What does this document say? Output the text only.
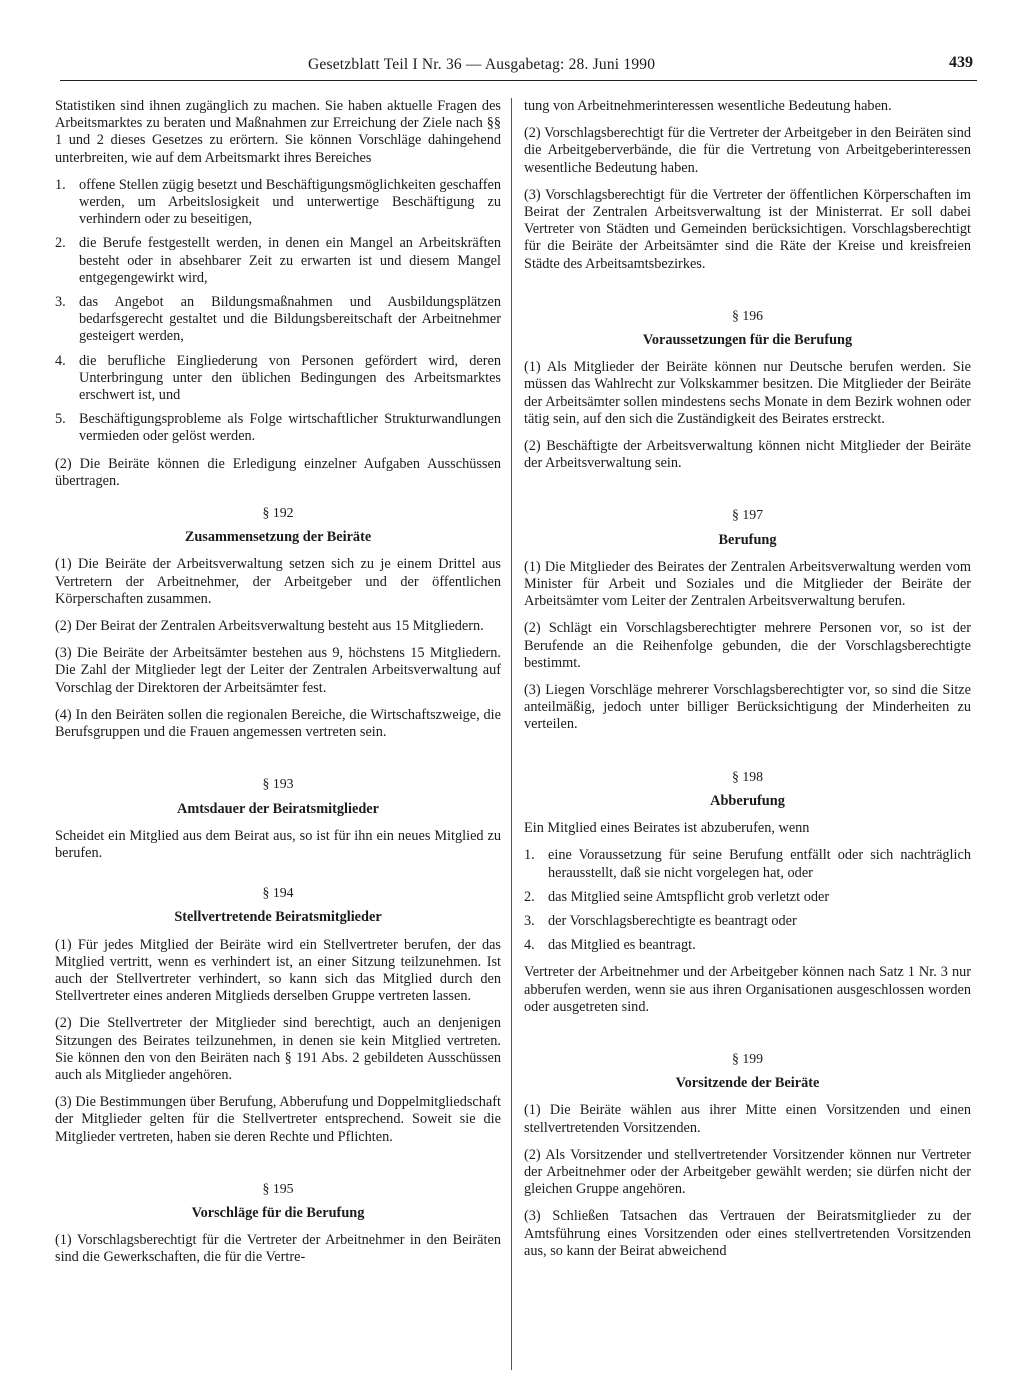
Gesetzblatt Teil I Nr. 36 — Ausgabetag: 28. Juni 1990	439

Statistiken sind ihnen zugänglich zu machen. Sie haben aktuelle Fragen des Arbeitsmarktes zu beraten und Maßnahmen zur Erreichung der Ziele nach §§ 1 und 2 dieses Gesetzes zu erörtern. Sie können Vorschläge dahingehend unterbreiten, wie auf dem Arbeitsmarkt ihres Bereiches

1. offene Stellen zügig besetzt und Beschäftigungsmöglichkeiten geschaffen werden, um Arbeitslosigkeit und unterwertige Beschäftigung zu verhindern oder zu beseitigen,
2. die Berufe festgestellt werden, in denen ein Mangel an Arbeitskräften besteht oder in absehbarer Zeit zu erwarten ist und diesem Mangel entgegengewirkt wird,
3. das Angebot an Bildungsmaßnahmen und Ausbildungsplätzen bedarfsgerecht gestaltet und die Bildungsbereitschaft der Arbeitnehmer gesteigert werden,
4. die berufliche Eingliederung von Personen gefördert wird, deren Unterbringung unter den üblichen Bedingungen des Arbeitsmarktes erschwert ist, und
5. Beschäftigungsprobleme als Folge wirtschaftlicher Strukturwandlungen vermieden oder gelöst werden.

(2) Die Beiräte können die Erledigung einzelner Aufgaben Ausschüssen übertragen.

§ 192
Zusammensetzung der Beiräte

(1) Die Beiräte der Arbeitsverwaltung setzen sich zu je einem Drittel aus Vertretern der Arbeitnehmer, der Arbeitgeber und der öffentlichen Körperschaften zusammen.

(2) Der Beirat der Zentralen Arbeitsverwaltung besteht aus 15 Mitgliedern.

(3) Die Beiräte der Arbeitsämter bestehen aus 9, höchstens 15 Mitgliedern. Die Zahl der Mitglieder legt der Leiter der Zentralen Arbeitsverwaltung auf Vorschlag der Direktoren der Arbeitsämter fest.

(4) In den Beiräten sollen die regionalen Bereiche, die Wirtschaftszweige, die Berufsgruppen und die Frauen angemessen vertreten sein.

§ 193
Amtsdauer der Beiratsmitglieder

Scheidet ein Mitglied aus dem Beirat aus, so ist für ihn ein neues Mitglied zu berufen.

§ 194
Stellvertretende Beiratsmitglieder

(1) Für jedes Mitglied der Beiräte wird ein Stellvertreter berufen, der das Mitglied vertritt, wenn es verhindert ist, an einer Sitzung teilzunehmen. Ist auch der Stellvertreter verhindert, so kann sich das Mitglied durch den Stellvertreter eines anderen Mitglieds derselben Gruppe vertreten lassen.

(2) Die Stellvertreter der Mitglieder sind berechtigt, auch an denjenigen Sitzungen des Beirates teilzunehmen, in denen sie kein Mitglied vertreten. Sie können den von den Beiräten nach § 191 Abs. 2 gebildeten Ausschüssen auch als Mitglieder angehören.

(3) Die Bestimmungen über Berufung, Abberufung und Doppelmitgliedschaft der Mitglieder gelten für die Stellvertreter entsprechend. Soweit sie die Mitglieder vertreten, haben sie deren Rechte und Pflichten.

§ 195
Vorschläge für die Berufung

(1) Vorschlagsberechtigt für die Vertreter der Arbeitnehmer in den Beiräten sind die Gewerkschaften, die für die Vertre-

tung von Arbeitnehmerinteressen wesentliche Bedeutung haben.

(2) Vorschlagsberechtigt für die Vertreter der Arbeitgeber in den Beiräten sind die Arbeitgeberverbände, die für die Vertretung von Arbeitgeberinteressen wesentliche Bedeutung haben.

(3) Vorschlagsberechtigt für die Vertreter der öffentlichen Körperschaften im Beirat der Zentralen Arbeitsverwaltung ist der Ministerrat. Er soll dabei Vertreter von Städten und Gemeinden berücksichtigen. Vorschlagsberechtigt für die Beiräte der Arbeitsämter sind die Räte der Kreise und kreisfreien Städte des Arbeitsamtsbezirkes.

§ 196
Voraussetzungen für die Berufung

(1) Als Mitglieder der Beiräte können nur Deutsche berufen werden. Sie müssen das Wahlrecht zur Volkskammer besitzen. Die Mitglieder der Beiräte der Arbeitsämter sollen mindestens sechs Monate in dem Bezirk wohnen oder tätig sein, auf den sich die Zuständigkeit des Beirates erstreckt.

(2) Beschäftigte der Arbeitsverwaltung können nicht Mitglieder der Beiräte der Arbeitsverwaltung sein.

§ 197
Berufung

(1) Die Mitglieder des Beirates der Zentralen Arbeitsverwaltung werden vom Minister für Arbeit und Soziales und die Mitglieder der Beiräte der Arbeitsämter vom Leiter der Zentralen Arbeitsverwaltung berufen.

(2) Schlägt ein Vorschlagsberechtigter mehrere Personen vor, so ist der Berufende an die Reihenfolge gebunden, die der Vorschlagsberechtigte bestimmt.

(3) Liegen Vorschläge mehrerer Vorschlagsberechtigter vor, so sind die Sitze anteilmäßig, jedoch unter billiger Berücksichtigung der Minderheiten zu verteilen.

§ 198
Abberufung

Ein Mitglied eines Beirates ist abzuberufen, wenn

1. eine Voraussetzung für seine Berufung entfällt oder sich nachträglich herausstellt, daß sie nicht vorgelegen hat, oder
2. das Mitglied seine Amtspflicht grob verletzt oder
3. der Vorschlagsberechtigte es beantragt oder
4. das Mitglied es beantragt.

Vertreter der Arbeitnehmer und der Arbeitgeber können nach Satz 1 Nr. 3 nur abberufen werden, wenn sie aus ihren Organisationen ausgeschlossen worden oder ausgetreten sind.

§ 199
Vorsitzende der Beiräte

(1) Die Beiräte wählen aus ihrer Mitte einen Vorsitzenden und einen stellvertretenden Vorsitzenden.

(2) Als Vorsitzender und stellvertretender Vorsitzender können nur Vertreter der Arbeitnehmer oder der Arbeitgeber gewählt werden; sie dürfen nicht der gleichen Gruppe angehören.

(3) Schließen Tatsachen das Vertrauen der Beiratsmitglieder zu der Amtsführung eines Vorsitzenden oder eines stellvertretenden Vorsitzenden aus, so kann der Beirat abweichend
